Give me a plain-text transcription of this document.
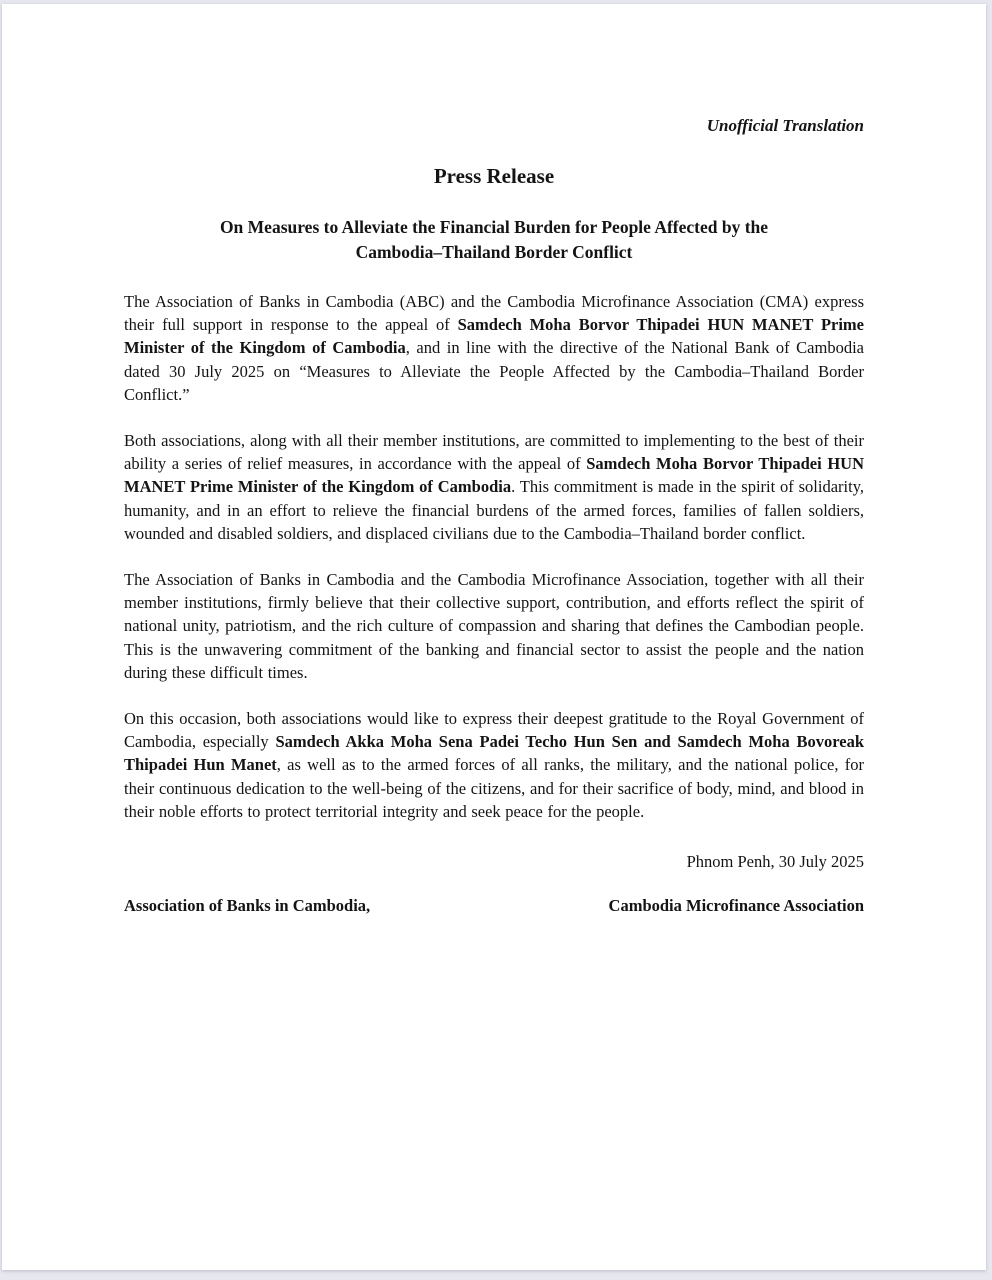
Unofficial Translation
Press Release
On Measures to Alleviate the Financial Burden for People Affected by the
Cambodia–Thailand Border Conflict

The Association of Banks in Cambodia (ABC) and the Cambodia Microfinance Association (CMA) express their full support in response to the appeal of Samdech Moha Borvor Thipadei HUN MANET Prime Minister of the Kingdom of Cambodia, and in line with the directive of the National Bank of Cambodia dated 30 July 2025 on “Measures to Alleviate the People Affected by the Cambodia–Thailand Border Conflict.”

Both associations, along with all their member institutions, are committed to implementing to the best of their ability a series of relief measures, in accordance with the appeal of Samdech Moha Borvor Thipadei HUN MANET Prime Minister of the Kingdom of Cambodia. This commitment is made in the spirit of solidarity, humanity, and in an effort to relieve the financial burdens of the armed forces, families of fallen soldiers, wounded and disabled soldiers, and displaced civilians due to the Cambodia–Thailand border conflict.

The Association of Banks in Cambodia and the Cambodia Microfinance Association, together with all their member institutions, firmly believe that their collective support, contribution, and efforts reflect the spirit of national unity, patriotism, and the rich culture of compassion and sharing that defines the Cambodian people. This is the unwavering commitment of the banking and financial sector to assist the people and the nation during these difficult times.

On this occasion, both associations would like to express their deepest gratitude to the Royal Government of Cambodia, especially Samdech Akka Moha Sena Padei Techo Hun Sen and Samdech Moha Bovoreak Thipadei Hun Manet, as well as to the armed forces of all ranks, the military, and the national police, for their continuous dedication to the well-being of the citizens, and for their sacrifice of body, mind, and blood in their noble efforts to protect territorial integrity and seek peace for the people.

Phnom Penh, 30 July 2025
Association of Banks in Cambodia,	Cambodia Microfinance Association
